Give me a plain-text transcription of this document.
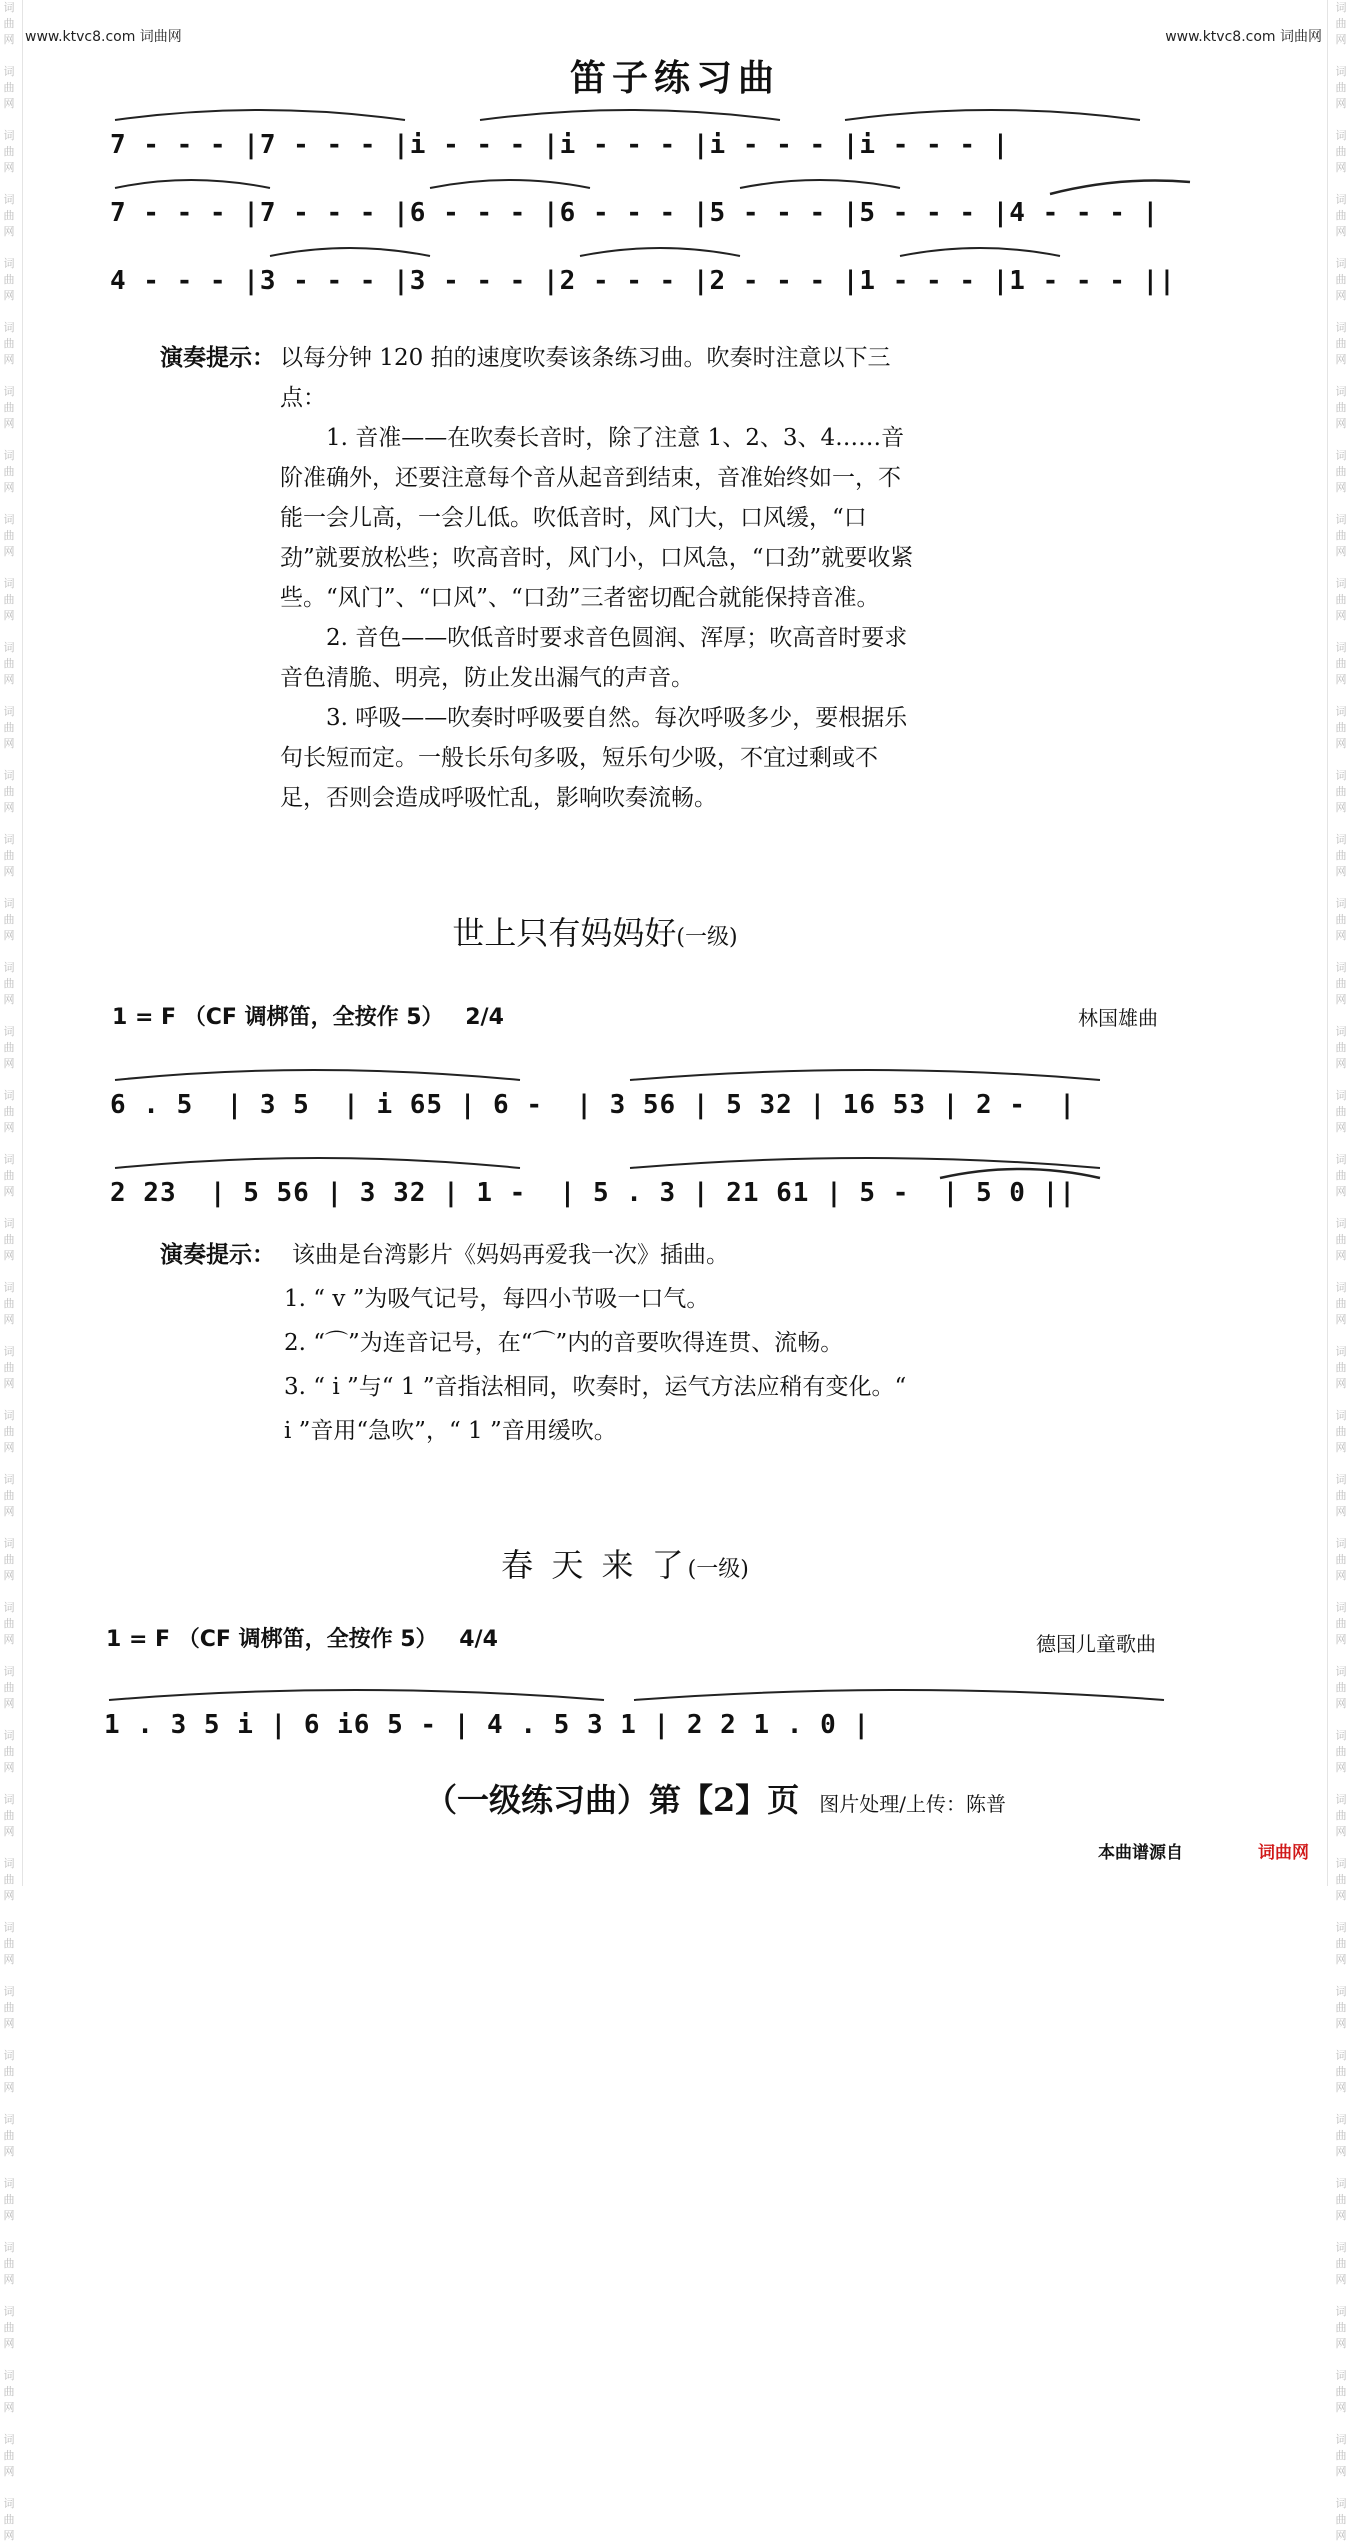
词
曲
网

词
曲
网

词
曲
网

词
曲
网

词
曲
网

词
曲
网

词
曲
网

词
曲
网

词
曲
网

词
曲
网

词
曲
网

词
曲
网

词
曲
网

词
曲
网

词
曲
网

词
曲
网

词
曲
网

词
曲
网

词
曲
网

词
曲
网

词
曲
网

词
曲
网

词
曲
网

词
曲
网

词
曲
网

词
曲
网

词
曲
网

词
曲
网

词
曲
网

词
曲
网

词
曲
网

词
曲
网

词
曲
网

词
曲
网

词
曲
网

词
曲
网

词
曲
网

词
曲
网

词
曲
网

词
曲
网
词
曲
网

词
曲
网

词
曲
网

词
曲
网

词
曲
网

词
曲
网

词
曲
网

词
曲
网

词
曲
网

词
曲
网

词
曲
网

词
曲
网

词
曲
网

词
曲
网

词
曲
网

词
曲
网

词
曲
网

词
曲
网

词
曲
网

词
曲
网

词
曲
网

词
曲
网

词
曲
网

词
曲
网

词
曲
网

词
曲
网

词
曲
网

词
曲
网

词
曲
网

词
曲
网

词
曲
网

词
曲
网

词
曲
网

词
曲
网

词
曲
网

词
曲
网

词
曲
网

词
曲
网

词
曲
网

词
曲
网
www.ktvc8.com 词曲网	www.ktvc8.com 词曲网
笛子练习曲
7 - - - |7 - - - |i - - - |i - - - |i - - - |i - - - |
7 - - - |7 - - - |6 - - - |6 - - - |5 - - - |5 - - - |4 - - - |
4 - - - |3 - - - |3 - - - |2 - - - |2 - - - |1 - - - |1 - - - ||
演奏提示： 以每分钟 120 拍的速度吹奏该条练习曲。吹奏时注意以下三点：
1. 音准——在吹奏长音时，除了注意 1、2、3、4……音阶准确外，还要注意每个音从起音到结束，音准始终如一，不能一会儿高，一会儿低。吹低音时，风门大，口风缓，“口劲”就要放松些；吹高音时，风门小，口风急，“口劲”就要收紧些。“风门”、“口风”、“口劲”三者密切配合就能保持音准。
2. 音色——吹低音时要求音色圆润、浑厚；吹高音时要求音色清脆、明亮，防止发出漏气的声音。
3. 呼吸——吹奏时呼吸要自然。每次呼吸多少，要根据乐句长短而定。一般长乐句多吸，短乐句少吸，不宜过剩或不足，否则会造成呼吸忙乱，影响吹奏流畅。
世上只有妈妈好(一级)
1 = F （CF 调梆笛，全按作 5） 2/4	林国雄曲
6 . 5  | 3 5  | i 65 | 6 -  | 3 56 | 5 32 | 16 53 | 2 -  |
2 23  | 5 56 | 3 32 | 1 -  | 5 . 3 | 21 61 | 5 -  | 5 0 ||
演奏提示： 该曲是台湾影片《妈妈再爱我一次》插曲。
1. “ v ”为吸气记号，每四小节吸一口气。
2. “⌒”为连音记号，在“⌒”内的音要吹得连贯、流畅。
3. “ i ”与“ 1 ”音指法相同，吹奏时，运气方法应稍有变化。“ i ”音用“急吹”，“ 1 ”音用缓吹。
春 天 来 了(一级)
1 = F （CF 调梆笛，全按作 5） 4/4	德国儿童歌曲
1 . 3 5 i | 6 i6 5 - | 4 . 5 3 1 | 2 2 1 . 0 |
（一级练习曲）第【2】页 图片处理/上传：陈普
本曲谱源自	词曲网
